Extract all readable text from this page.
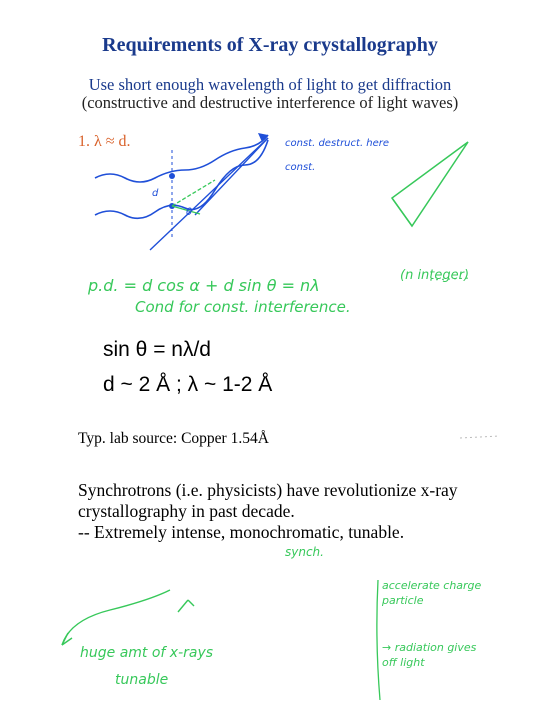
Requirements of X-ray crystallography
Use short enough wavelength of light to get diffraction
(constructive and destructive interference of light waves)
1. λ ≈ d.	const. destruct. here
const.
d
θ
p.d. = d cos α + d sin θ = nλ
(n integer)
Cond for const. interference.
synch.
accelerate charge particle
→ radiation gives off light
huge amt of x-rays
tunable
sin θ = nλ/d
d ~ 2 Å ; λ ~ 1-2 Å
Typ. lab source: Copper 1.54Å
Synchrotrons (i.e. physicists) have revolutionize x-ray crystallography in past decade.
-- Extremely intense, monochromatic, tunable.
